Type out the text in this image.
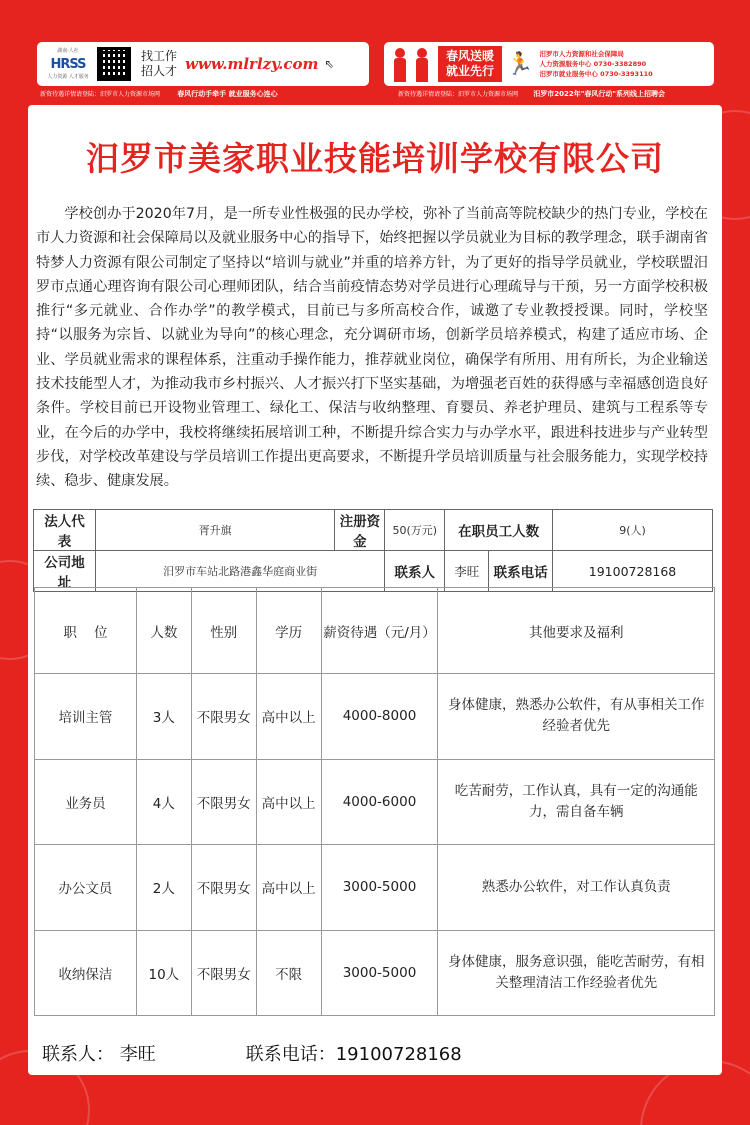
湖南·人社
HRSS
人力资源 人才服务
找工作
招人才 www.mlrlzy.com ⇖
春风送暖
就业先行 🏃 汨罗市人力资源和社会保障局
人力资源服务中心 0730-3382890
汨罗市就业服务中心 0730-3393110
新资待遇详情请登陆：汨罗市人力资源市场网 春风行动手牵手 就业服务心连心	新资待遇详情请登陆：汨罗市人力资源市场网 汨罗市2022年"春风行动"系列线上招聘会
汨罗市美家职业技能培训学校有限公司

学校创办于2020年7月，是一所专业性极强的民办学校，弥补了当前高等院校缺少的热门专业，学校在市人力资源和社会保障局以及就业服务中心的指导下，始终把握以学员就业为目标的教学理念，联手湖南省特梦人力资源有限公司制定了坚持以“培训与就业”并重的培养方针，为了更好的指导学员就业，学校联盟汨罗市点通心理咨询有限公司心理师团队，结合当前疫情态势对学员进行心理疏导与干预，另一方面学校积极推行“多元就业、合作办学”的教学模式，目前已与多所高校合作，诚邀了专业教授授课。同时，学校坚持“以服务为宗旨、以就业为导向”的核心理念，充分调研市场，创新学员培养模式，构建了适应市场、企业、学员就业需求的课程体系，注重动手操作能力，推荐就业岗位，确保学有所用、用有所长，为企业输送技术技能型人才，为推动我市乡村振兴、人才振兴打下坚实基础，为增强老百姓的获得感与幸福感创造良好条件。学校目前已开设物业管理工、绿化工、保洁与收纳整理、育婴员、养老护理员、建筑与工程系等专业，在今后的办学中，我校将继续拓展培训工种，不断提升综合实力与办学水平，跟进科技进步与产业转型步伐，对学校改革建设与学员培训工作提出更高要求，不断提升学员培训质量与社会服务能力，实现学校持续、稳步、健康发展。

法人代表	胥升旗	注册资金	50(万元)	在职员工人数		9(人)
公司地址	汨罗市车站北路港鑫华庭商业街		联系人	李旺	联系电话	19100728168
职    位	人数	性别	学历	薪资待遇（元/月）	其他要求及福利
培训主管	3人	不限男女	高中以上	4000-8000	身体健康，熟悉办公软件，有从事相关工作经验者优先
业务员	4人	不限男女	高中以上	4000-6000	吃苦耐劳，工作认真，具有一定的沟通能力，需自备车辆
办公文员	2人	不限男女	高中以上	3000-5000	熟悉办公软件，对工作认真负责
收纳保洁	10人	不限男女	不限	3000-5000	身体健康，服务意识强，能吃苦耐劳，有相关整理清洁工作经验者优先
联系人： 李旺	联系电话：19100728168
